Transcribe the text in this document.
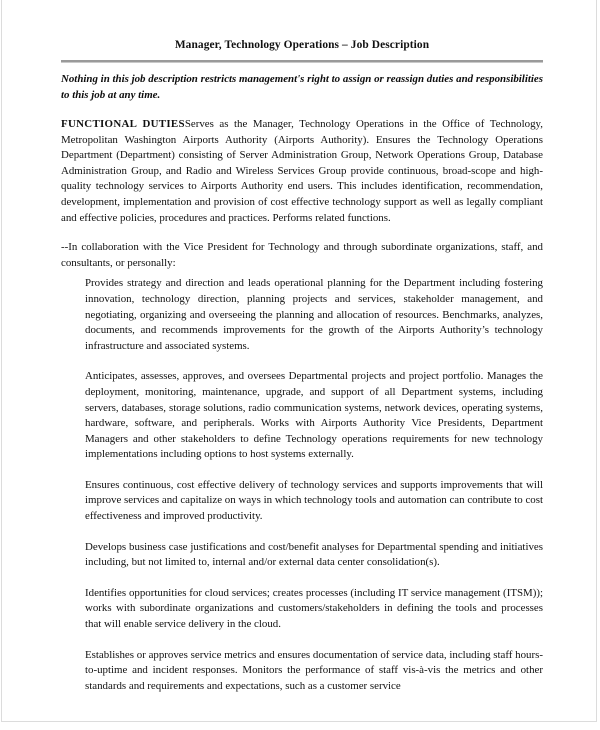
Manager, Technology Operations – Job Description

Nothing in this job description restricts management's right to assign or reassign duties and responsibilities to this job at any time.

FUNCTIONAL DUTIESServes as the Manager, Technology Operations in the Office of Technology, Metropolitan Washington Airports Authority (Airports Authority). Ensures the Technology Operations Department (Department) consisting of Server Administration Group, Network Operations Group, Database Administration Group, and Radio and Wireless Services Group provide continuous, broad-scope and high-quality technology services to Airports Authority end users. This includes identification, recommendation, development, implementation and provision of cost effective technology support as well as legally compliant and effective policies, procedures and practices. Performs related functions.

--In collaboration with the Vice President for Technology and through subordinate organizations, staff, and consultants, or personally:

Provides strategy and direction and leads operational planning for the Department including fostering innovation, technology direction, planning projects and services, stakeholder management, and negotiating, organizing and overseeing the planning and allocation of resources. Benchmarks, analyzes, documents, and recommends improvements for the growth of the Airports Authority’s technology infrastructure and associated systems.

Anticipates, assesses, approves, and oversees Departmental projects and project portfolio. Manages the deployment, monitoring, maintenance, upgrade, and support of all Department systems, including servers, databases, storage solutions, radio communication systems, network devices, operating systems, hardware, software, and peripherals. Works with Airports Authority Vice Presidents, Department Managers and other stakeholders to define Technology operations requirements for new technology implementations including options to host systems externally.

Ensures continuous, cost effective delivery of technology services and supports improvements that will improve services and capitalize on ways in which technology tools and automation can contribute to cost effectiveness and improved productivity.

Develops business case justifications and cost/benefit analyses for Departmental spending and initiatives including, but not limited to, internal and/or external data center consolidation(s).

Identifies opportunities for cloud services; creates processes (including IT service management (ITSM)); works with subordinate organizations and customers/stakeholders in defining the tools and processes that will enable service delivery in the cloud.

Establishes or approves service metrics and ensures documentation of service data, including staff hours-to-uptime and incident responses. Monitors the performance of staff vis-à-vis the metrics and other standards and requirements and expectations, such as a customer service
